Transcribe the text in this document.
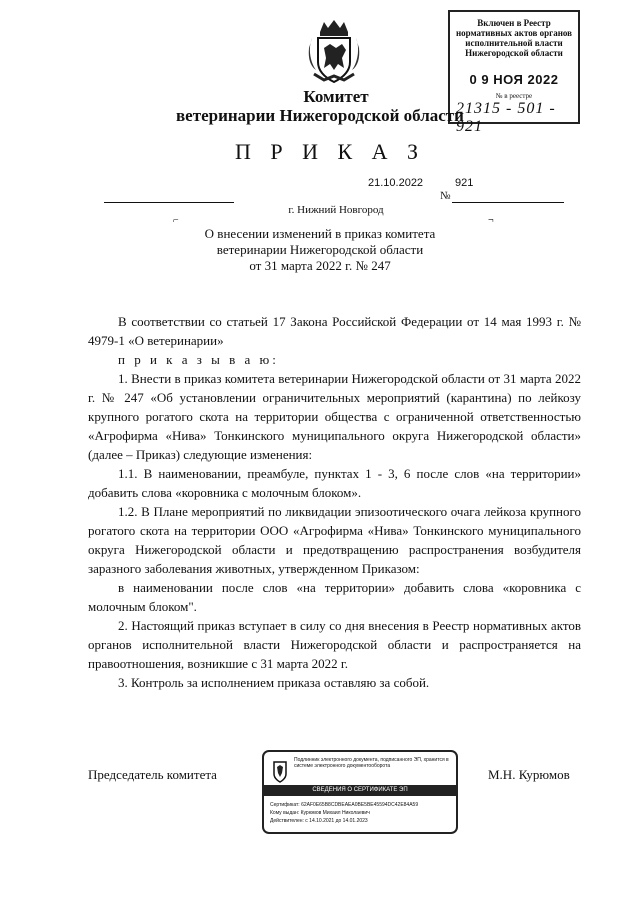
Включен в Реестр
нормативных актов органов
исполнительной власти
Нижегородской области
0 9 НОЯ 2022
№ в реестре
21315 - 501 - 921
Комитет
ветеринарии Нижегородской области
П Р И К А З
21.10.2022	921
№
г. Нижний Новгород
⌐	¬
О внесении изменений в приказ комитета
ветеринарии Нижегородской области
от 31 марта 2022 г. № 247

В соответствии со статьей 17 Закона Российской Федерации от 14 мая 1993 г. № 4979-1 «О ветеринарии»

п р и к а з ы в а ю:

1. Внести в приказ комитета ветеринарии Нижегородской области от 31 марта 2022 г. № 247 «Об установлении ограничительных мероприятий (карантина) по лейкозу крупного рогатого скота на территории общества с ограниченной ответственностью «Агрофирма «Нива» Тонкинского муниципального округа Нижегородской области» (далее – Приказ) следующие изменения:

1.1. В наименовании, преамбуле, пунктах 1 - 3, 6 после слов «на территории» добавить слова «коровника с молочным блоком».

1.2. В Плане мероприятий по ликвидации эпизоотического очага лейкоза крупного рогатого скота на территории ООО «Агрофирма «Нива» Тонкинского муниципального округа Нижегородской области и предотвращению распространения возбудителя заразного заболевания животных, утвержденном Приказом:

в наименовании после слов «на территории» добавить слова «коровника с молочным блоком".

2. Настоящий приказ вступает в силу со дня внесения в Реестр нормативных актов органов исполнительной власти Нижегородской области и распространяется на правоотношения, возникшие с 31 марта 2022 г.

3. Контроль за исполнением приказа оставляю за собой.

Председатель комитета	М.Н. Курюмов
Подлинник электронного документа, подписанного ЭП, хранится в системе электронного документооборота
СВЕДЕНИЯ О СЕРТИФИКАТЕ ЭП
Сертификат: 62AF0E65B8CDBEAEA0BE5BE45594DC42E84A59
Кому выдан: Курюмов Михаил Николаевич
Действителен: с 14.10.2021 до 14.01.2023
